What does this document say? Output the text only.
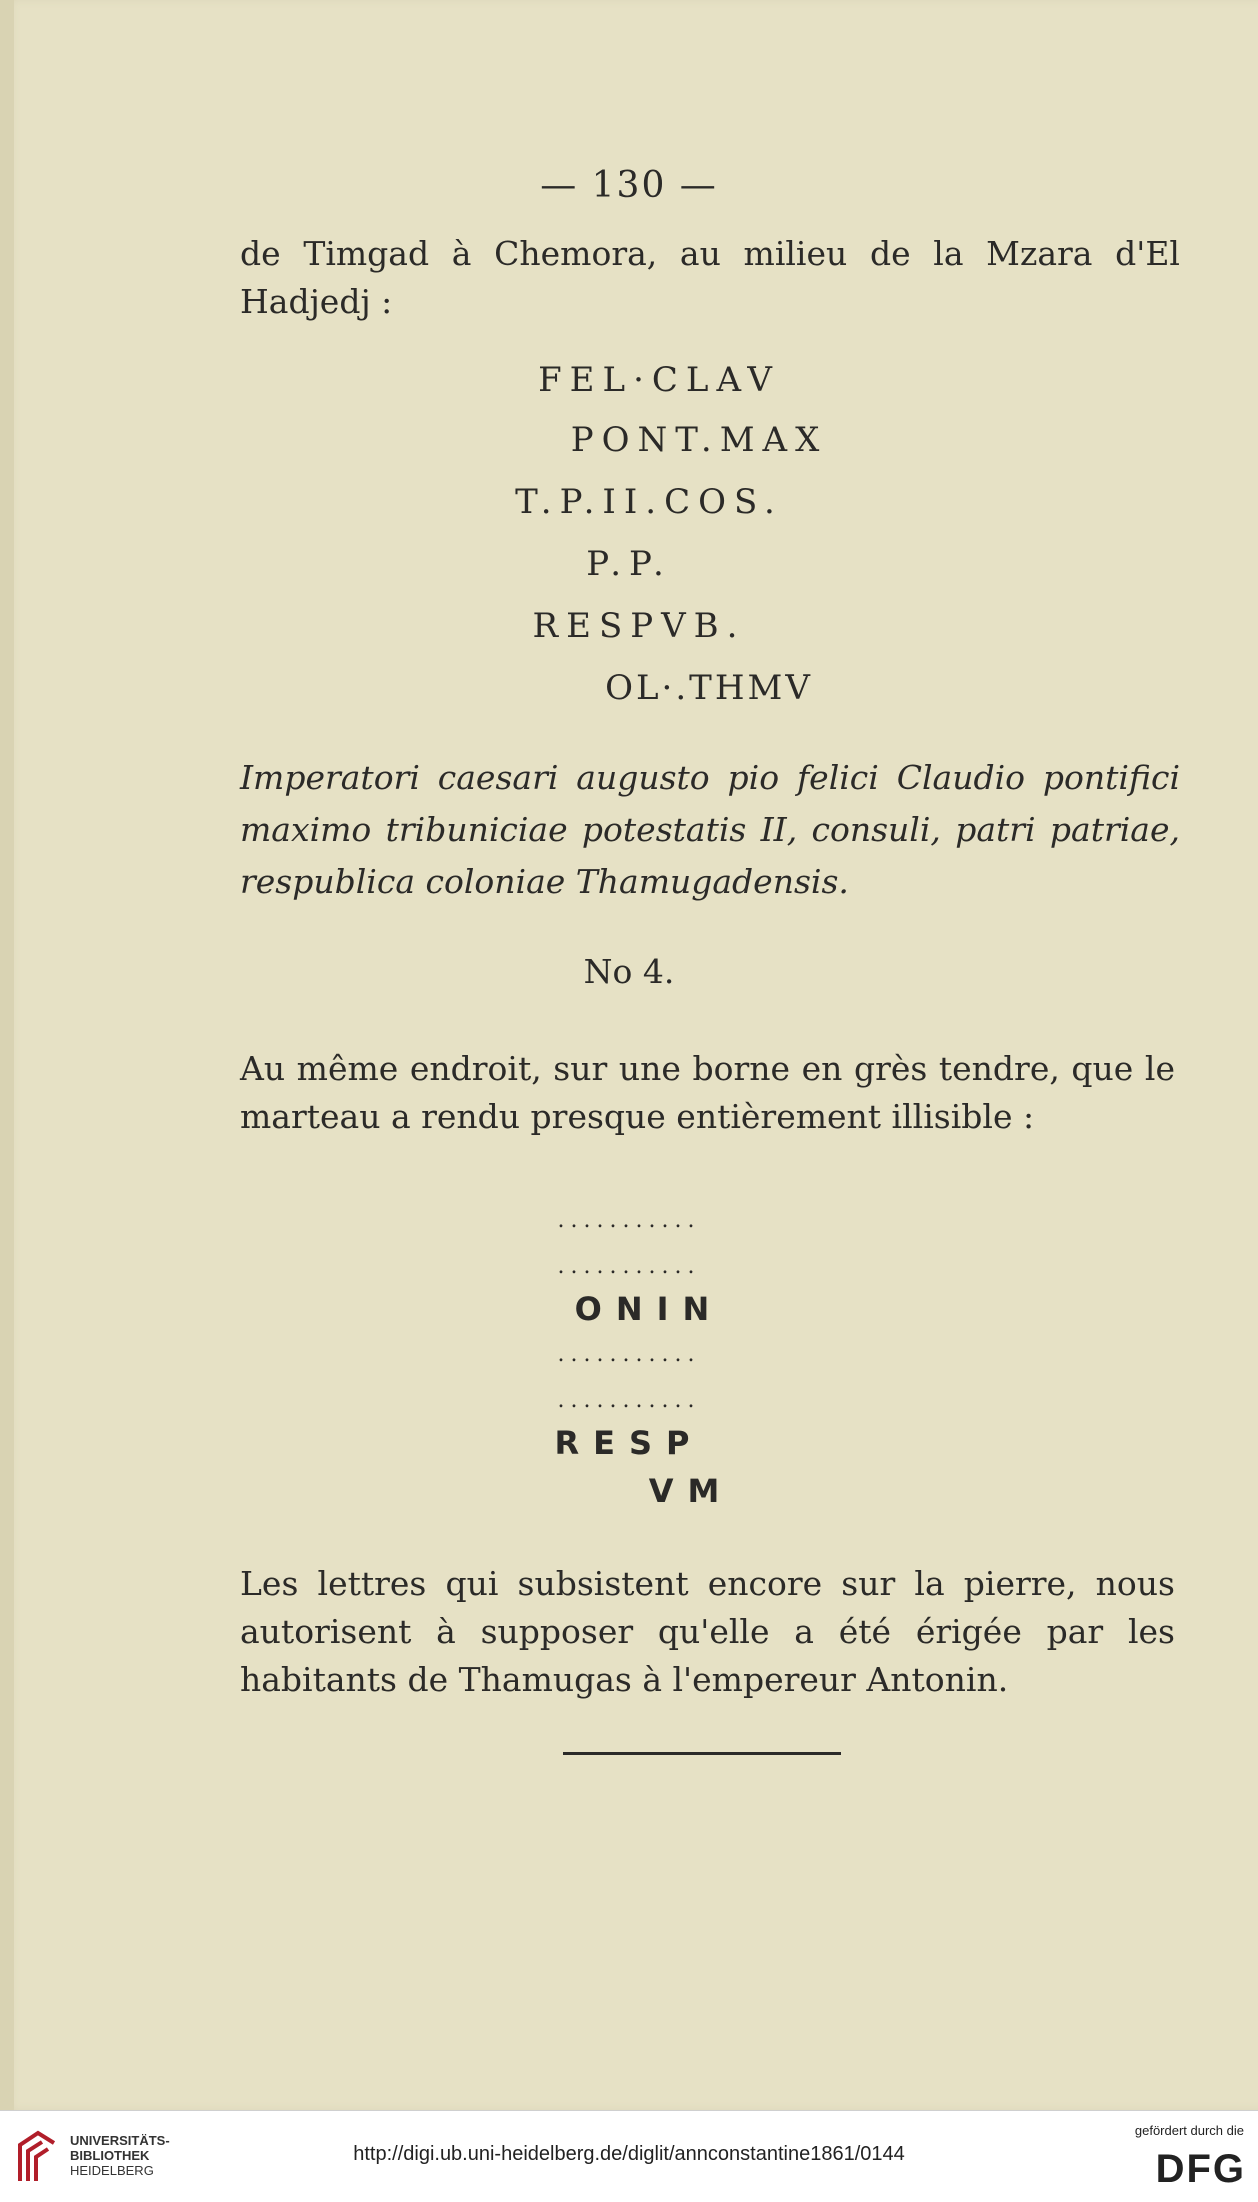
— 130 —
de Timgad à Chemora, au milieu de la Mzara d'El Hadjedj :
FEL·CLAV
PONT.MAX
T.P.II.COS.
P.P.
RESPVB.
OL·.THMV
Imperatori caesari augusto pio felici Claudio pontifici maximo tribuniciae potestatis II, consuli, patri patriae, respublica coloniae Thamugadensis.
No 4.
Au même endroit, sur une borne en grès tendre, que le marteau a rendu presque entièrement illisible :
...........
...........
ONIN
...........
...........
RESP
VM
Les lettres qui subsistent encore sur la pierre, nous autorisent à supposer qu'elle a été érigée par les habitants de Thamugas à l'empereur Antonin.
UNIVERSITÄTS-
BIBLIOTHEK
HEIDELBERG
http://digi.ub.uni-heidelberg.de/diglit/annconstantine1861/0144
gefördert durch die
DFG
